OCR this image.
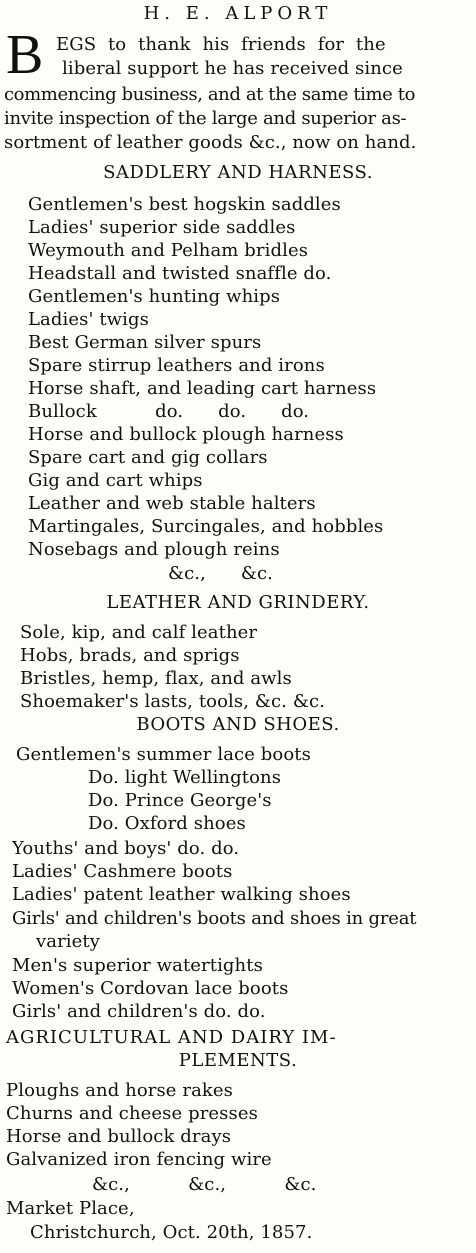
H. E. ALPORT
B EGS to thank his friends for the
liberal support he has received since
commencing business, and at the same time to
invite inspection of the large and superior as-
sortment of leather goods &c., now on hand.
SADDLERY AND HARNESS.
Gentlemen's best hogskin saddles
Ladies' superior side saddles
Weymouth and Pelham bridles
Headstall and twisted snaffle do.
Gentlemen's hunting whips
Ladies' twigs
Best German silver spurs
Spare stirrup leathers and irons
Horse shaft, and leading cart harness
Bullock          do.      do.      do.
Horse and bullock plough harness
Spare cart and gig collars
Gig and cart whips
Leather and web stable halters
Martingales, Surcingales, and hobbles
Nosebags and plough reins
&c.,      &c.
LEATHER AND GRINDERY.
Sole, kip, and calf leather
Hobs, brads, and sprigs
Bristles, hemp, flax, and awls
Shoemaker's lasts, tools, &c. &c.
BOOTS AND SHOES.
Gentlemen's summer lace boots
Do. light Wellingtons
Do. Prince George's
Do. Oxford shoes
Youths' and boys' do. do.
Ladies' Cashmere boots
Ladies' patent leather walking shoes
Girls' and children's boots and shoes in great
variety
Men's superior watertights
Women's Cordovan lace boots
Girls' and children's do. do.
AGRICULTURAL AND DAIRY IM-
PLEMENTS.
Ploughs and horse rakes
Churns and cheese presses
Horse and bullock drays
Galvanized iron fencing wire
&c.,          &c.,          &c.
Market Place,
Christchurch, Oct. 20th, 1857.
